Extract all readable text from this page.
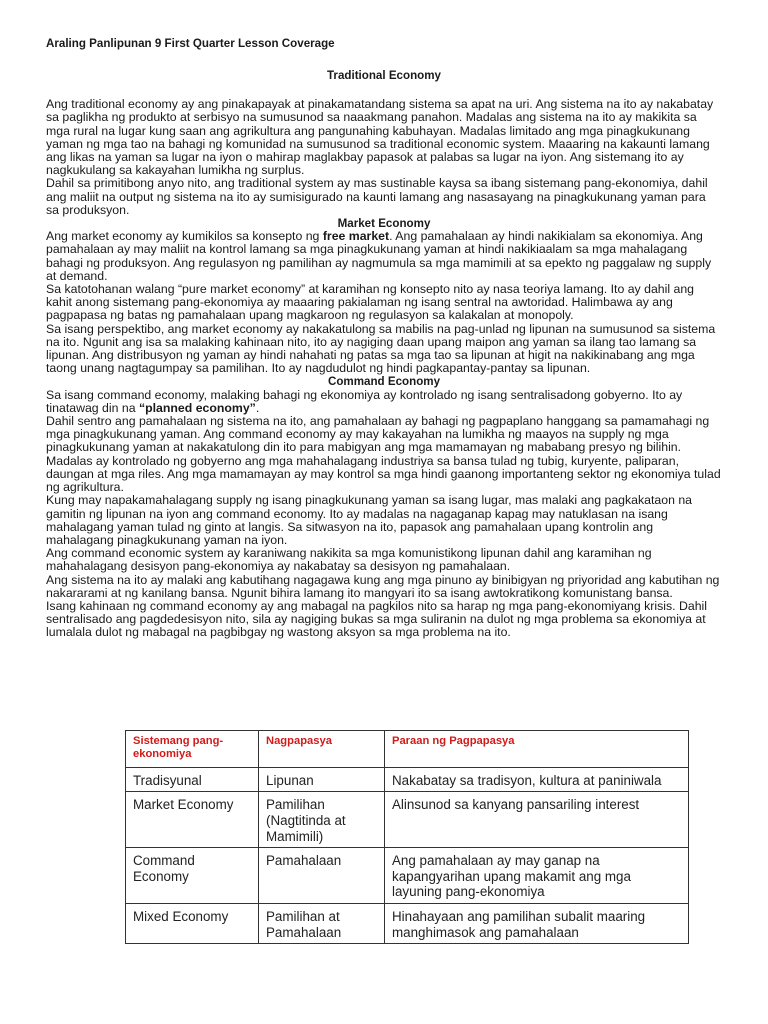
Araling Panlipunan 9 First Quarter Lesson Coverage
Traditional Economy

Ang traditional economy ay ang pinakapayak at pinakamatandang sistema sa apat na uri. Ang sistema na ito ay nakabatay sa paglikha ng produkto at serbisyo na sumusunod sa naaakmang panahon. Madalas ang sistema na ito ay makikita sa mga rural na lugar kung saan ang agrikultura ang pangunahing kabuhayan. Madalas limitado ang mga pinagkukunang yaman ng mga tao na bahagi ng komunidad na sumusunod sa traditional economic system. Maaaring na kakaunti lamang ang likas na yaman sa lugar na iyon o mahirap maglakbay papasok at palabas sa lugar na iyon. Ang sistemang ito ay nagkukulang sa kakayahan lumikha ng surplus.

Dahil sa primitibong anyo nito, ang traditional system ay mas sustinable kaysa sa ibang sistemang pang-ekonomiya, dahil ang maliit na output ng sistema na ito ay sumisigurado na kaunti lamang ang nasasayang na pinagkukunang yaman para sa produksyon.

Market Economy

Ang market economy ay kumikilos sa konsepto ng free market. Ang pamahalaan ay hindi nakikialam sa ekonomiya. Ang pamahalaan ay may maliit na kontrol lamang sa mga pinagkukunang yaman at hindi nakikiaalam sa mga mahalagang bahagi ng produksyon. Ang regulasyon ng pamilihan ay nagmumula sa mga mamimili at sa epekto ng paggalaw ng supply at demand.

Sa katotohanan walang “pure market economy” at karamihan ng konsepto nito ay nasa teoriya lamang. Ito ay dahil ang kahit anong sistemang pang-ekonomiya ay maaaring pakialaman ng isang sentral na awtoridad. Halimbawa ay ang pagpapasa ng batas ng pamahalaan upang magkaroon ng regulasyon sa kalakalan at monopoly.

Sa isang perspektibo, ang market economy ay nakakatulong sa mabilis na pag-unlad ng lipunan na sumusunod sa sistema na ito. Ngunit ang isa sa malaking kahinaan nito, ito ay nagiging daan upang maipon ang yaman sa ilang tao lamang sa lipunan. Ang distribusyon ng yaman ay hindi nahahati ng patas sa mga tao sa lipunan at higit na nakikinabang ang mga taong unang nagtagumpay sa pamilihan. Ito ay nagdudulot ng hindi pagkapantay-pantay sa lipunan.

Command Economy

Sa isang command economy, malaking bahagi ng ekonomiya ay kontrolado ng isang sentralisadong gobyerno. Ito ay tinatawag din na “planned economy”.

Dahil sentro ang pamahalaan ng sistema na ito, ang pamahalaan ay bahagi ng pagpaplano hanggang sa pamamahagi ng mga pinagkukunang yaman. Ang command economy ay may kakayahan na lumikha ng maayos na supply ng mga pinagkukunang yaman at nakakatulong din ito para mabigyan ang mga mamamayan ng mababang presyo ng bilihin. Madalas ay kontrolado ng gobyerno ang mga mahahalagang industriya sa bansa tulad ng tubig, kuryente, paliparan, daungan at mga riles. Ang mga mamamayan ay may kontrol sa mga hindi gaanong importanteng sektor ng ekonomiya tulad ng agrikultura.

Kung may napakamahalagang supply ng isang pinagkukunang yaman sa isang lugar, mas malaki ang pagkakataon na gamitin ng lipunan na iyon ang command economy. Ito ay madalas na nagaganap kapag may natuklasan na isang mahalagang yaman tulad ng ginto at langis. Sa sitwasyon na ito, papasok ang pamahalaan upang kontrolin ang mahalagang pinagkukunang yaman na iyon.

Ang command economic system ay karaniwang nakikita sa mga komunistikong lipunan dahil ang karamihan ng mahahalagang desisyon pang-ekonomiya ay nakabatay sa desisyon ng pamahalaan.

Ang sistema na ito ay malaki ang kabutihang nagagawa kung ang mga pinuno ay binibigyan ng priyoridad ang kabutihan ng nakararami at ng kanilang bansa. Ngunit bihira lamang ito mangyari ito sa isang awtokratikong komunistang bansa.

Isang kahinaan ng command economy ay ang mabagal na pagkilos nito sa harap ng mga pang-ekonomiyang krisis. Dahil sentralisado ang pagdedesisyon nito, sila ay nagiging bukas sa mga suliranin na dulot ng mga problema sa ekonomiya at lumalala dulot ng mabagal na pagbibgay ng wastong aksyon sa mga problema na ito.

Sistemang pang-ekonomiya	Nagpapasya	Paraan ng Pagpapasya
Tradisyunal	Lipunan	Nakabatay sa tradisyon, kultura at paniniwala
Market Economy	Pamilihan (Nagtitinda at Mamimili)	Alinsunod sa kanyang pansariling interest
Command Economy	Pamahalaan	Ang pamahalaan ay may ganap na kapangyarihan upang makamit ang mga layuning pang-ekonomiya
Mixed Economy	Pamilihan at Pamahalaan	Hinahayaan ang pamilihan subalit maaring manghimasok ang pamahalaan
